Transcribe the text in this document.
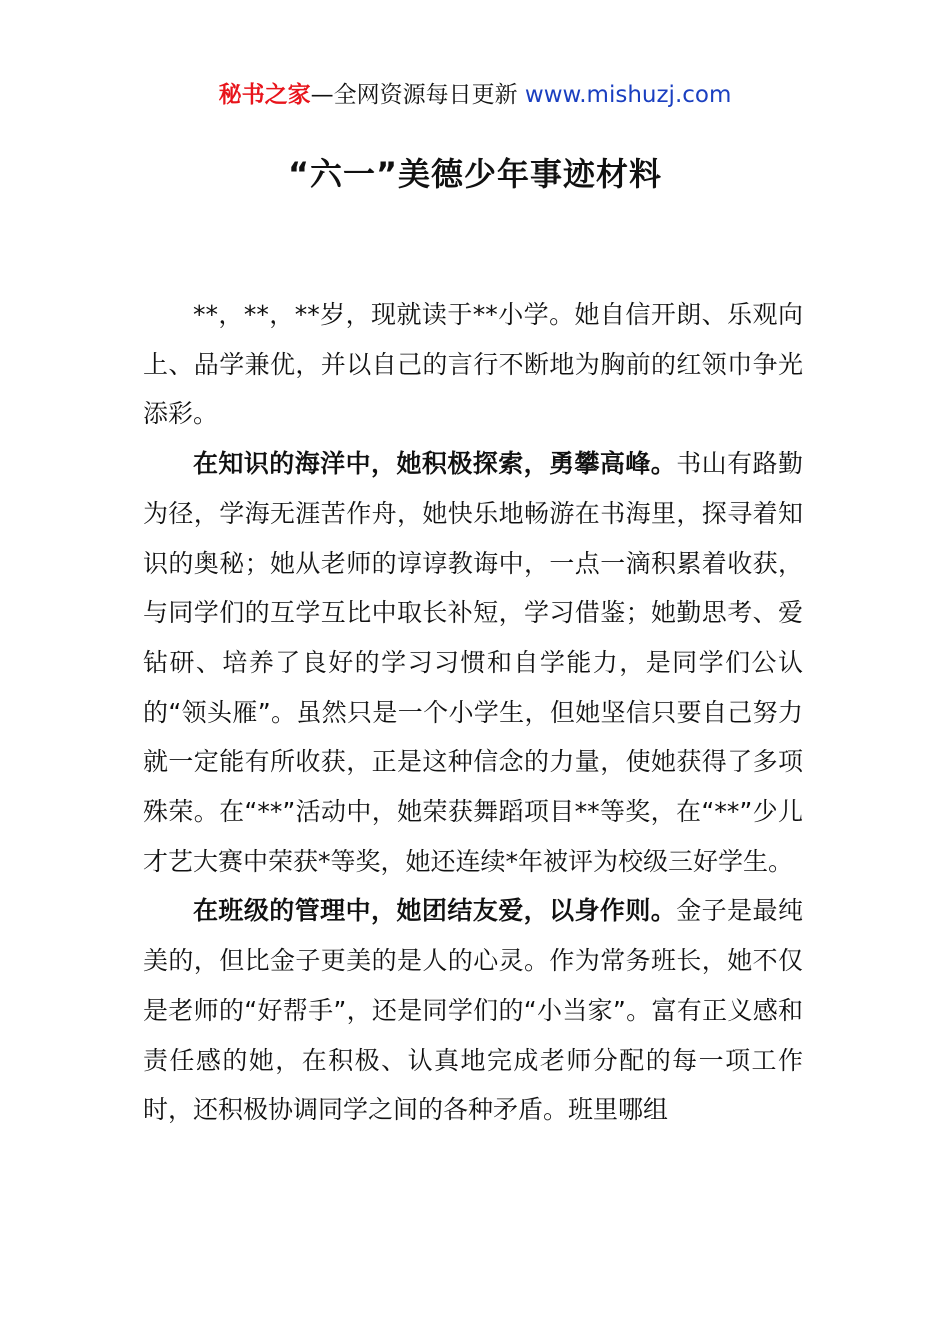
秘书之家—全网资源每日更新 www.mishuzj.com
“六一”美德少年事迹材料

**，**，**岁，现就读于**小学。她自信开朗、乐观向上、品学兼优，并以自己的言行不断地为胸前的红领巾争光添彩。

在知识的海洋中，她积极探索，勇攀高峰。书山有路勤为径，学海无涯苦作舟，她快乐地畅游在书海里，探寻着知识的奥秘；她从老师的谆谆教诲中，一点一滴积累着收获，与同学们的互学互比中取长补短，学习借鉴；她勤思考、爱钻研、培养了良好的学习习惯和自学能力，是同学们公认的“领头雁”。虽然只是一个小学生，但她坚信只要自己努力就一定能有所收获，正是这种信念的力量，使她获得了多项殊荣。在“**”活动中，她荣获舞蹈项目**等奖，在“**”少儿才艺大赛中荣获*等奖，她还连续*年被评为校级三好学生。

在班级的管理中，她团结友爱，以身作则。金子是最纯美的，但比金子更美的是人的心灵。作为常务班长，她不仅是老师的“好帮手”，还是同学们的“小当家”。富有正义感和责任感的她，在积极、认真地完成老师分配的每一项工作时，还积极协调同学之间的各种矛盾。班里哪组
